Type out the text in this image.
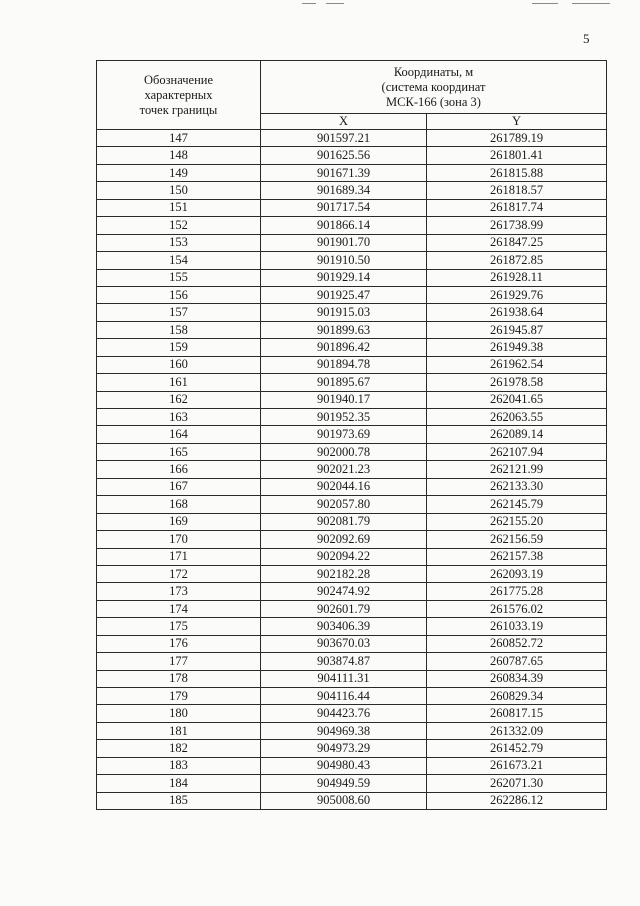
5
Обозначение
характерных
точек границы	Координаты, м
(система координат
МСК-166 (зона 3)	

	X	Y
147	901597.21	261789.19
148	901625.56	261801.41
149	901671.39	261815.88
150	901689.34	261818.57
151	901717.54	261817.74
152	901866.14	261738.99
153	901901.70	261847.25
154	901910.50	261872.85
155	901929.14	261928.11
156	901925.47	261929.76
157	901915.03	261938.64
158	901899.63	261945.87
159	901896.42	261949.38
160	901894.78	261962.54
161	901895.67	261978.58
162	901940.17	262041.65
163	901952.35	262063.55
164	901973.69	262089.14
165	902000.78	262107.94
166	902021.23	262121.99
167	902044.16	262133.30
168	902057.80	262145.79
169	902081.79	262155.20
170	902092.69	262156.59
171	902094.22	262157.38
172	902182.28	262093.19
173	902474.92	261775.28
174	902601.79	261576.02
175	903406.39	261033.19
176	903670.03	260852.72
177	903874.87	260787.65
178	904111.31	260834.39
179	904116.44	260829.34
180	904423.76	260817.15
181	904969.38	261332.09
182	904973.29	261452.79
183	904980.43	261673.21
184	904949.59	262071.30
185	905008.60	262286.12
